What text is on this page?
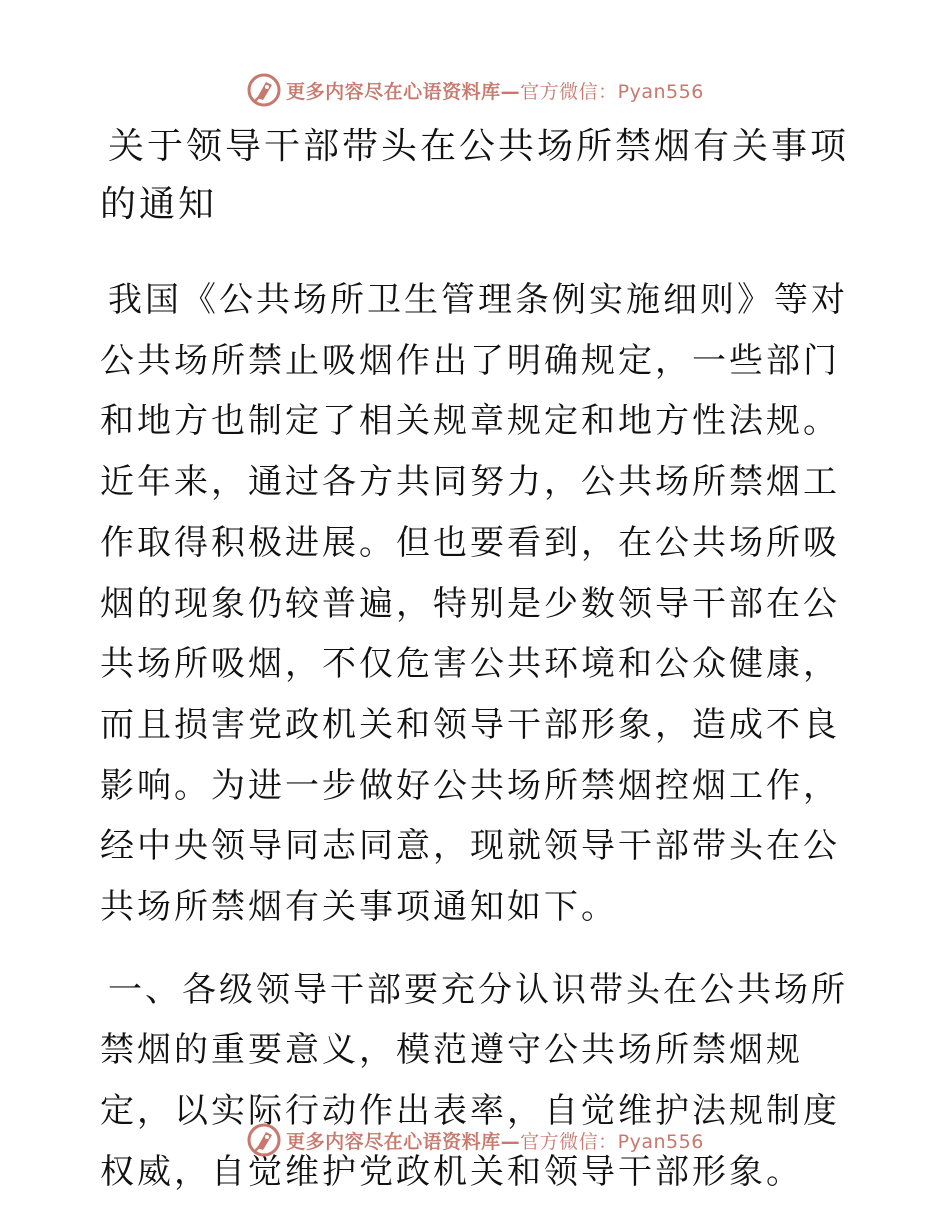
更多内容尽在心语资料库—官方微信：Pyan556
关于领导干部带头在公共场所禁烟有关事项的通知

我国《公共场所卫生管理条例实施细则》等对公共场所禁止吸烟作出了明确规定，一些部门和地方也制定了相关规章规定和地方性法规。近年来，通过各方共同努力，公共场所禁烟工作取得积极进展。但也要看到，在公共场所吸烟的现象仍较普遍，特别是少数领导干部在公共场所吸烟，不仅危害公共环境和公众健康，而且损害党政机关和领导干部形象，造成不良影响。为进一步做好公共场所禁烟控烟工作，经中央领导同志同意，现就领导干部带头在公共场所禁烟有关事项通知如下。

一、各级领导干部要充分认识带头在公共场所禁烟的重要意义，模范遵守公共场所禁烟规定，以实际行动作出表率，自觉维护法规制度权威，自觉维护党政机关和领导干部形象。

更多内容尽在心语资料库—官方微信：Pyan556
